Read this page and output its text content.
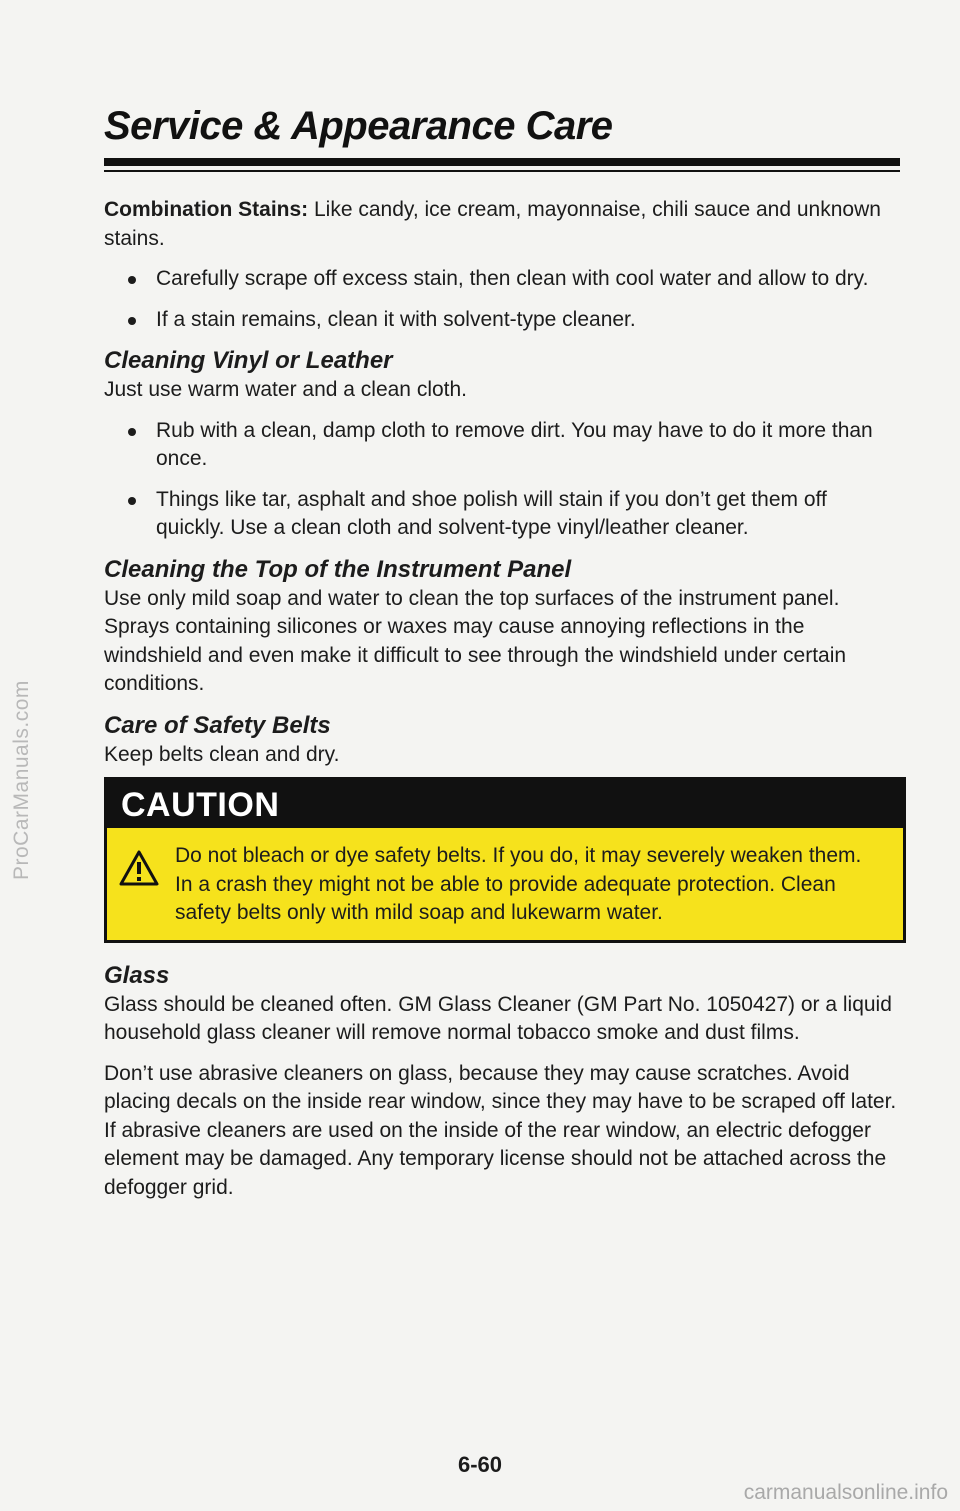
ProCarManuals.com
Service & Appearance Care

Combination Stains: Like candy, ice cream, mayonnaise, chili sauce and unknown stains.

Carefully scrape off excess stain, then clean with cool water and allow to dry.
If a stain remains, clean it with solvent-type cleaner.
Cleaning Vinyl or Leather

Just use warm water and a clean cloth.

Rub with a clean, damp cloth to remove dirt. You may have to do it more than once.
Things like tar, asphalt and shoe polish will stain if you don’t get them off quickly. Use a clean cloth and solvent-type vinyl/leather cleaner.
Cleaning the Top of the Instrument Panel

Use only mild soap and water to clean the top surfaces of the instrument panel. Sprays containing silicones or waxes may cause annoying reflections in the windshield and even make it difficult to see through the windshield under certain conditions.

Care of Safety Belts

Keep belts clean and dry.

CAUTION
Do not bleach or dye safety belts. If you do, it may severely weaken them. In a crash they might not be able to provide adequate protection. Clean safety belts only with mild soap and lukewarm water.
Glass

Glass should be cleaned often. GM Glass Cleaner (GM Part No. 1050427) or a liquid household glass cleaner will remove normal tobacco smoke and dust films.

Don’t use abrasive cleaners on glass, because they may cause scratches. Avoid placing decals on the inside rear window, since they may have to be scraped off later. If abrasive cleaners are used on the inside of the rear window, an electric defogger element may be damaged. Any temporary license should not be attached across the defogger grid.

6-60
carmanualsonline.info
